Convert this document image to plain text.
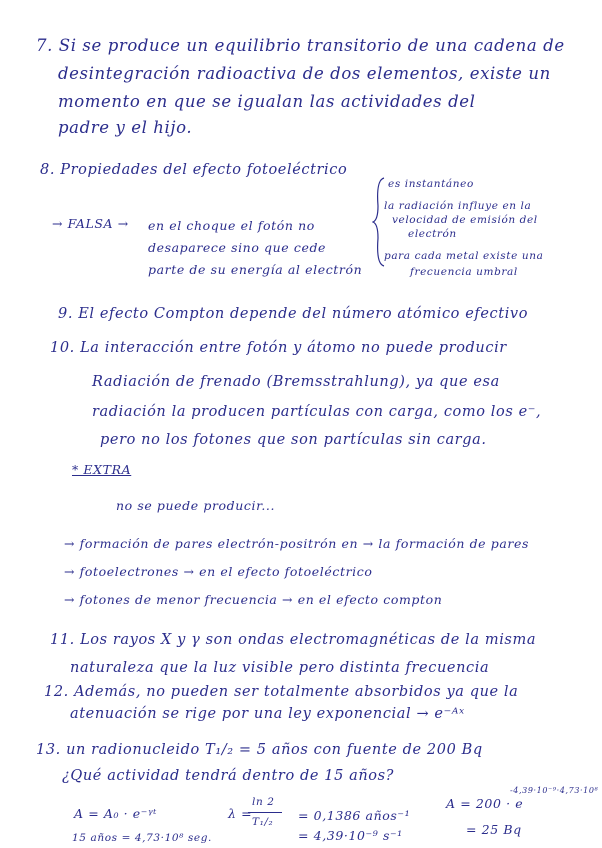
7. Si se produce un equilibrio transitorio de una cadena de
desintegración radioactiva de dos elementos, existe un
momento en que se igualan las actividades del
padre y el hijo.
8. Propiedades del efecto fotoeléctrico
es instantáneo
la radiación influye en la
velocidad de emisión del
electrón
para cada metal existe una
frecuencia umbral
→ FALSA → en el choque el fotón no
desaparece sino que cede
parte de su energía al electrón
9. El efecto Compton depende del número atómico efectivo
10. La interacción entre fotón y átomo no puede producir
Radiación de frenado (Bremsstrahlung), ya que esa
radiación la producen partículas con carga, como los e⁻,
pero no los fotones que son partículas sin carga.
* EXTRA
no se puede producir...
→ formación de pares electrón-positrón en → la formación de pares
→ fotoelectrones → en el efecto fotoeléctrico
→ fotones de menor frecuencia → en el efecto compton
11. Los rayos X y γ son ondas electromagnéticas de la misma
naturaleza que la luz visible pero distinta frecuencia
12. Además, no pueden ser totalmente absorbidos ya que la
atenuación se rige por una ley exponencial → e⁻ᴬˣ
13. un radionucleido T₁/₂ = 5 años con fuente de 200 Bq
¿Qué actividad tendrá dentro de 15 años?
A = A₀ · e⁻ᵞᵗ
15 años = 4,73·10⁸ seg.
λ =
ln 2
T₁/₂ = 0,1386 años⁻¹
= 4,39·10⁻⁹ s⁻¹
A = 200 · e
-4,39·10⁻⁹·4,73·10⁸
= 25 Bq
